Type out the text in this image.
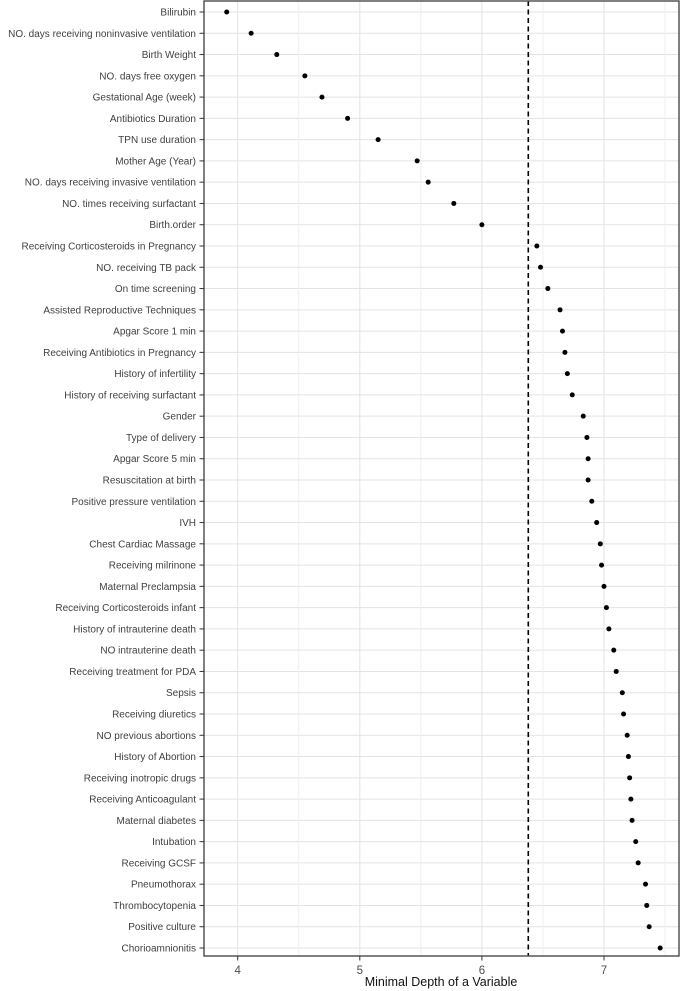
Bilirubin
NO. days receiving noninvasive ventilation
Birth Weight
NO. days free oxygen
Gestational Age (week)
Antibiotics Duration
TPN use duration
Mother Age (Year)
NO. days receiving invasive ventilation
NO. times receiving surfactant
Birth.order
Receiving Corticosteroids in Pregnancy
NO. receiving TB pack
On time screening
Assisted Reproductive Techniques
Apgar Score 1 min
Receiving Antibiotics in Pregnancy
History of infertility
History of receiving surfactant
Gender
Type of delivery
Apgar Score 5 min
Resuscitation at birth
Positive pressure ventilation
IVH
Chest Cardiac Massage
Receiving milrinone
Maternal Preclampsia
Receiving Corticosteroids infant
History of intrauterine death
NO intrauterine death
Receiving treatment for PDA
Sepsis
Receiving diuretics
NO previous abortions
History of Abortion
Receiving inotropic drugs
Receiving Anticoagulant
Maternal diabetes
Intubation
Receiving GCSF
Pneumothorax
Thrombocytopenia
Positive culture
Chorioamnionitis
4	5	6	7
Minimal Depth of a Variable
